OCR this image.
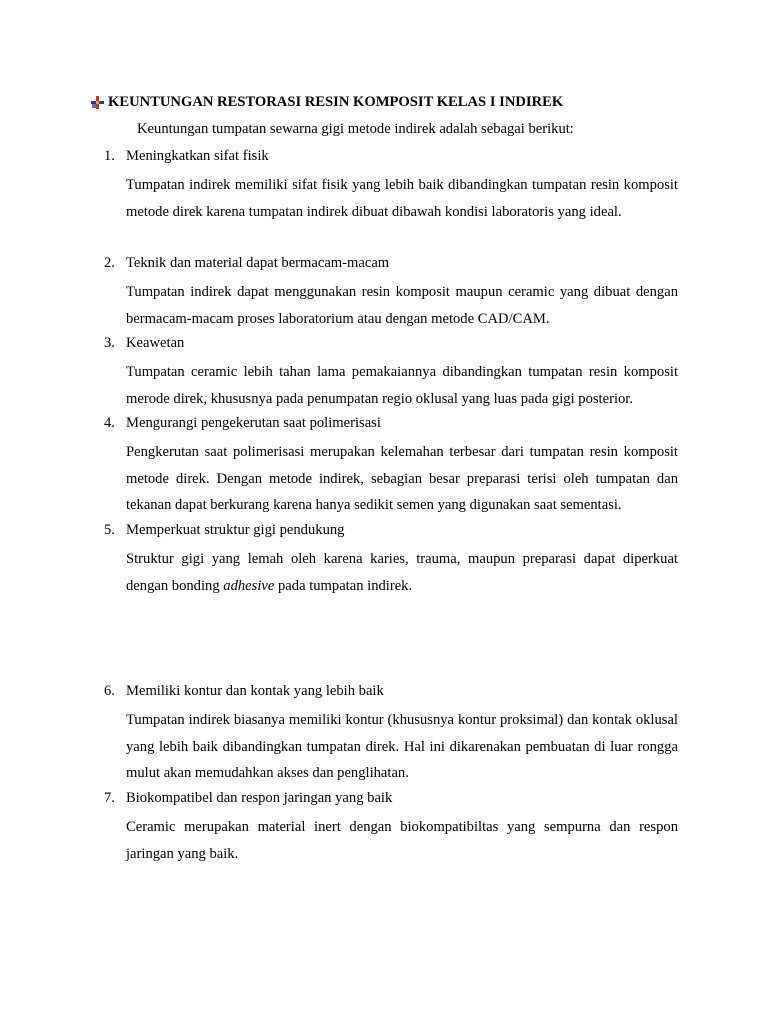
KEUNTUNGAN RESTORASI RESIN KOMPOSIT KELAS I INDIREK
Keuntungan tumpatan sewarna gigi metode indirek adalah sebagai berikut:
1. Meningkatkan sifat fisik
Tumpatan indirek memiliki sifat fisik yang lebih baik dibandingkan tumpatan resin komposit metode direk karena tumpatan indirek dibuat dibawah kondisi laboratoris yang ideal.
2. Teknik dan material dapat bermacam-macam
Tumpatan indirek dapat menggunakan resin komposit maupun ceramic yang dibuat dengan bermacam-macam proses laboratorium atau dengan metode CAD/CAM.
3. Keawetan
Tumpatan ceramic lebih tahan lama pemakaiannya dibandingkan tumpatan resin komposit merode direk, khususnya pada penumpatan regio oklusal yang luas pada gigi posterior.
4. Mengurangi pengekerutan saat polimerisasi
Pengkerutan saat polimerisasi merupakan kelemahan terbesar dari tumpatan resin komposit metode direk. Dengan metode indirek, sebagian besar preparasi terisi oleh tumpatan dan tekanan dapat berkurang karena hanya sedikit semen yang digunakan saat sementasi.
5. Memperkuat struktur gigi pendukung
Struktur gigi yang lemah oleh karena karies, trauma, maupun preparasi dapat diperkuat dengan bonding adhesive pada tumpatan indirek.
6. Memiliki kontur dan kontak yang lebih baik
Tumpatan indirek biasanya memiliki kontur (khususnya kontur proksimal) dan kontak oklusal yang lebih baik dibandingkan tumpatan direk. Hal ini dikarenakan pembuatan di luar rongga mulut akan memudahkan akses dan penglihatan.
7. Biokompatibel dan respon jaringan yang baik
Ceramic merupakan material inert dengan biokompatibiltas yang sempurna dan respon jaringan yang baik.
